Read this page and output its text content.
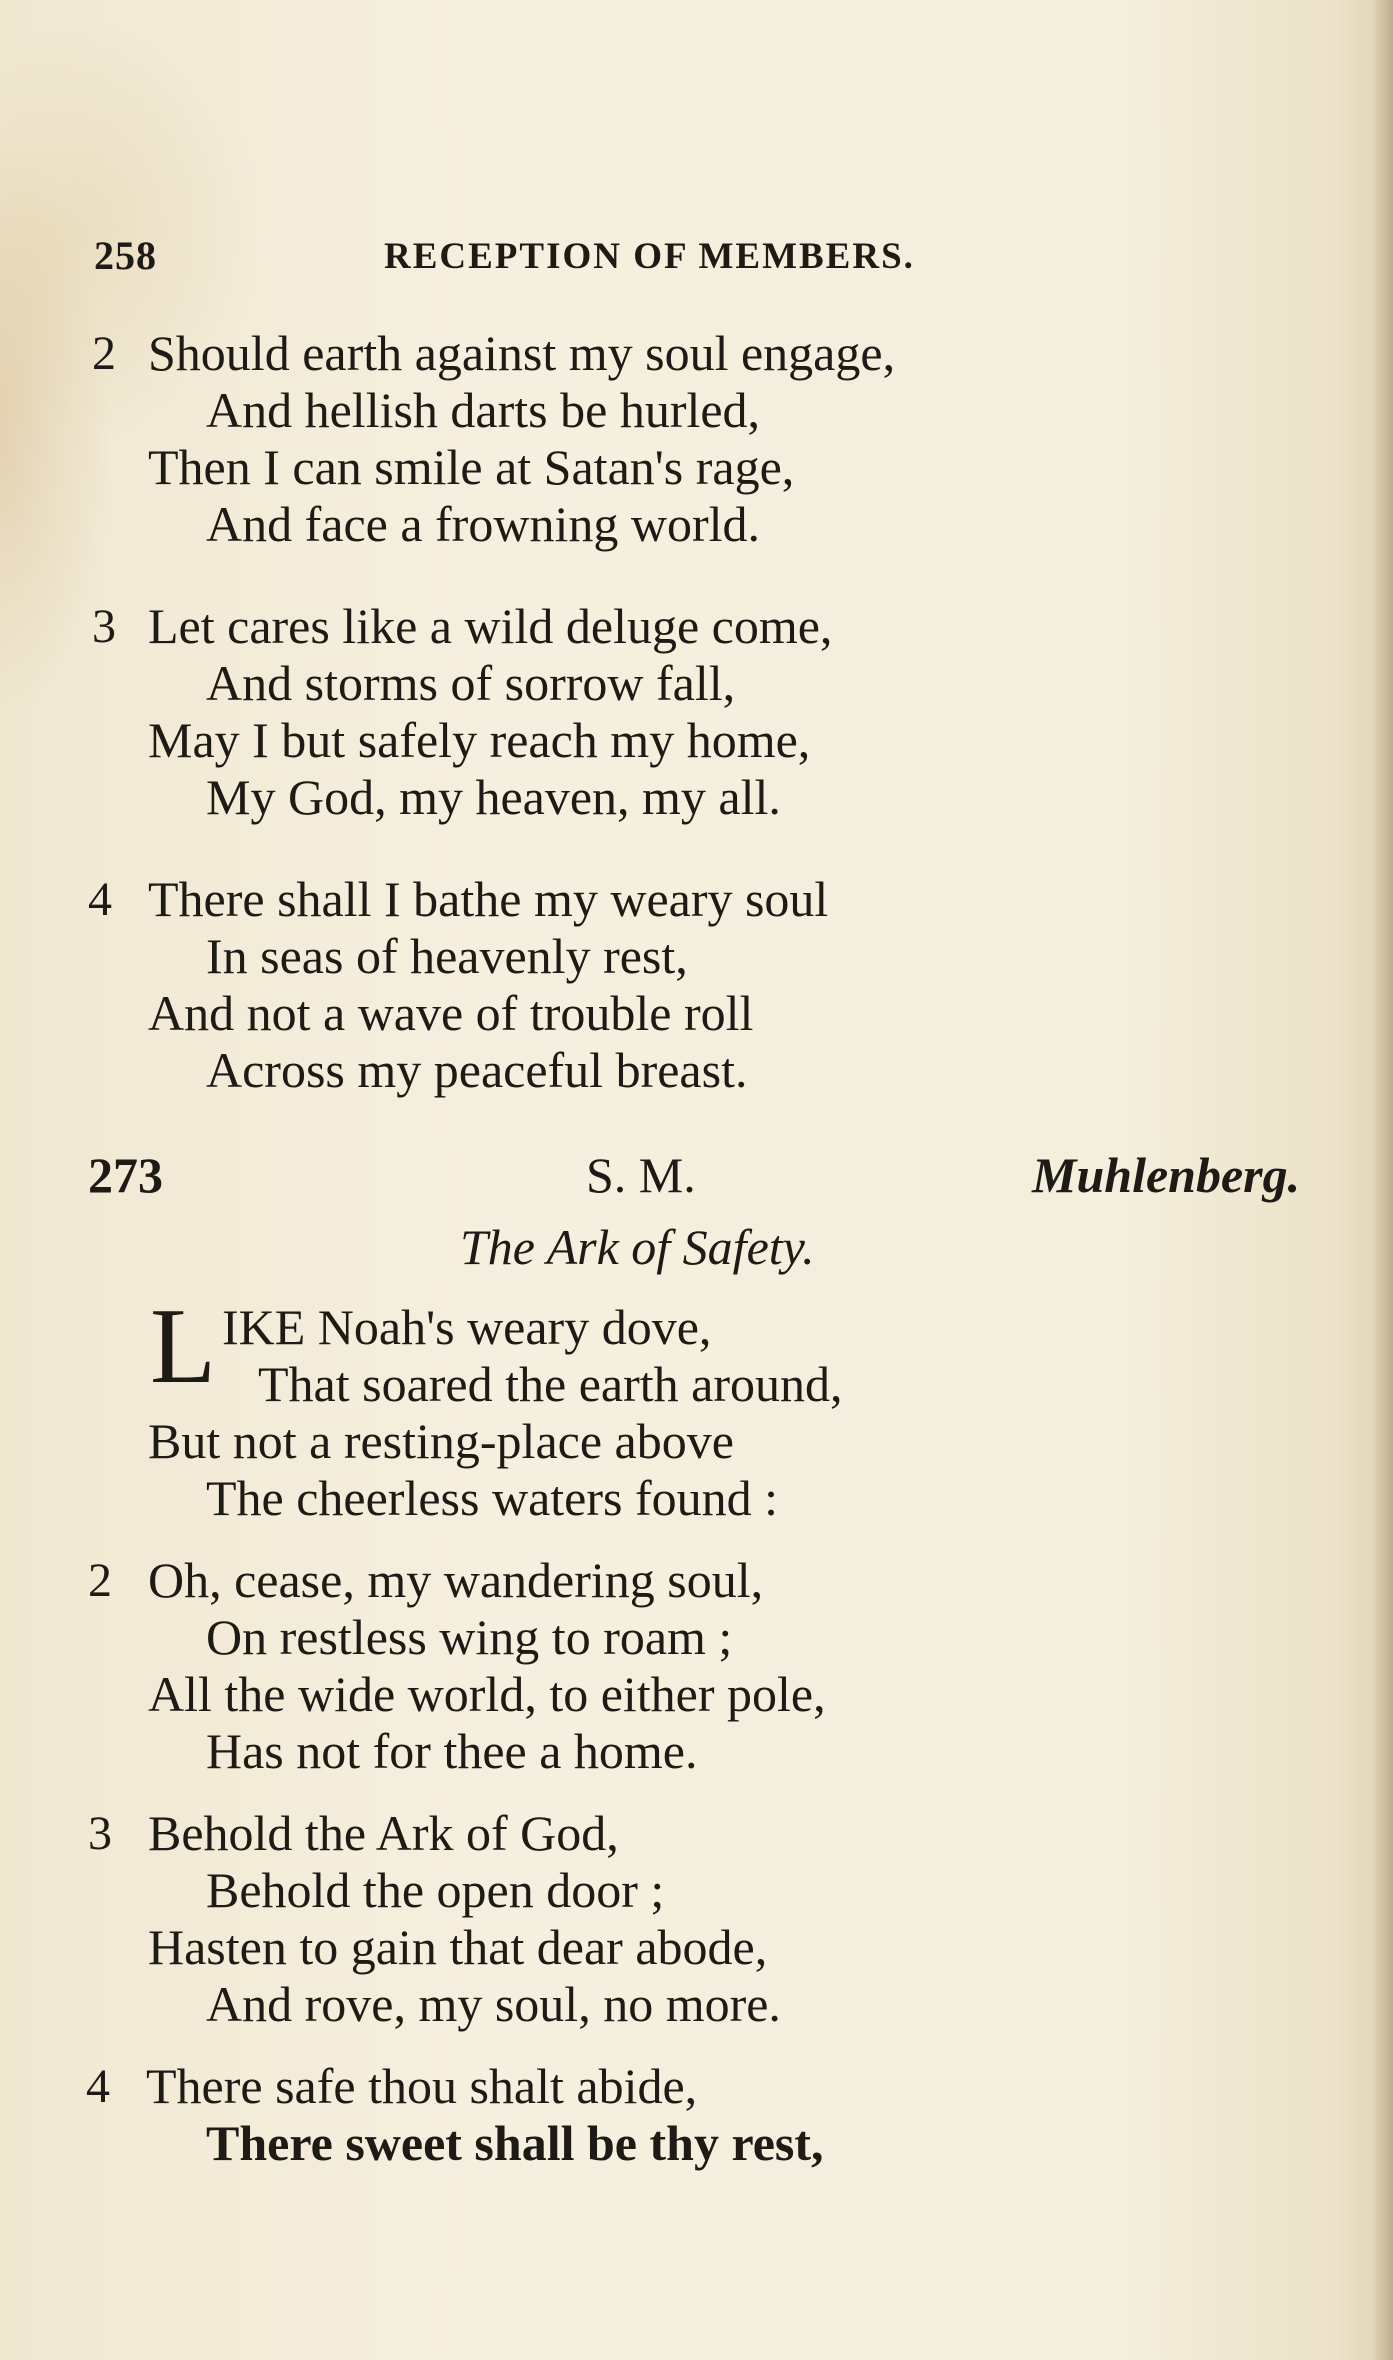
258	RECEPTION OF MEMBERS.
2 Should earth against my soul engage,
And hellish darts be hurled,
Then I can smile at Satan's rage,
And face a frowning world.
3 Let cares like a wild deluge come,
And storms of sorrow fall,
May I but safely reach my home,
My God, my heaven, my all.
4 There shall I bathe my weary soul
In seas of heavenly rest,
And not a wave of trouble roll
Across my peaceful breast.
273	S. M.	Muhlenberg.
The Ark of Safety.
L IKE Noah's weary dove,
That soared the earth around,
But not a resting-place above
The cheerless waters found :
2 Oh, cease, my wandering soul,
On restless wing to roam ;
All the wide world, to either pole,
Has not for thee a home.
3 Behold the Ark of God,
Behold the open door ;
Hasten to gain that dear abode,
And rove, my soul, no more.
4 There safe thou shalt abide,
There sweet shall be thy rest,
